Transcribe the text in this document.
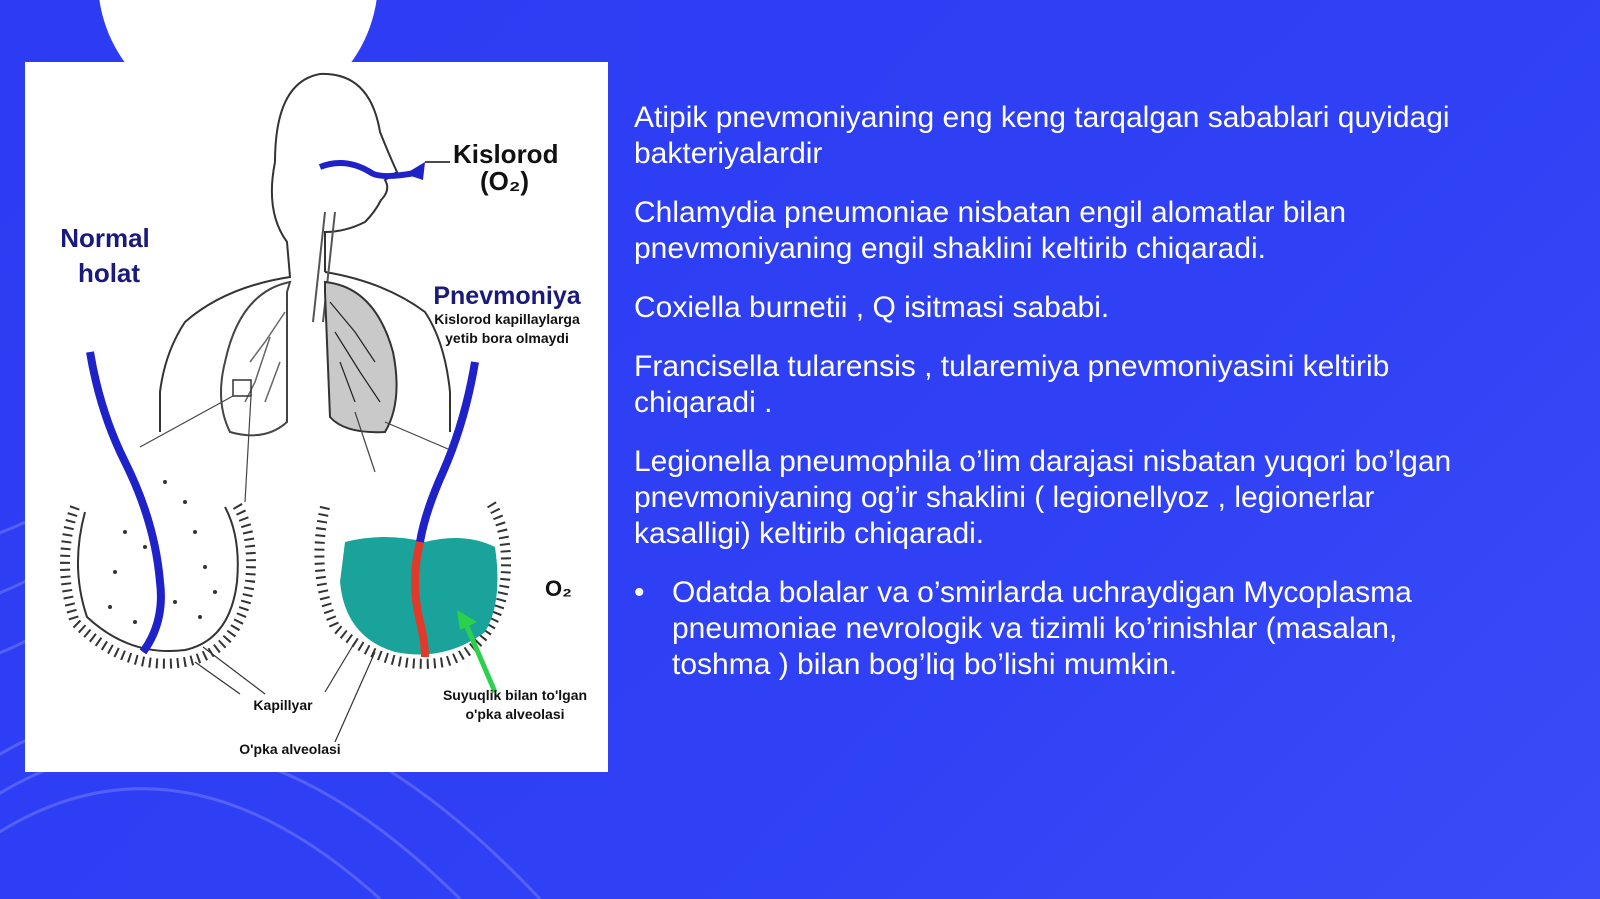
Kislorod
(O₂)
Normal
holat
Pnevmoniya
Kislorod kapillaylarga
yetib bora olmaydi
O₂
Kapillyar
O'pka alveolasi
Suyuqlik bilan to'lgan
o'pka alveolasi

Atipik pnevmoniyaning eng keng tarqalgan sabablari quyidagi bakteriyalardir

Chlamydia pneumoniae nisbatan engil alomatlar bilan pnevmoniyaning engil shaklini keltirib chiqaradi.

Coxiella burnetii , Q isitmasi sababi.

Francisella tularensis , tularemiya pnevmoniyasini keltirib chiqaradi .

Legionella pneumophila o’lim darajasi nisbatan yuqori bo’lgan pnevmoniyaning og’ir shaklini ( legionellyoz , legionerlar kasalligi) keltirib chiqaradi.

• Odatda bolalar va o’smirlarda uchraydigan Mycoplasma pneumoniae nevrologik va tizimli ko’rinishlar (masalan, toshma ) bilan bog’liq bo’lishi mumkin.
